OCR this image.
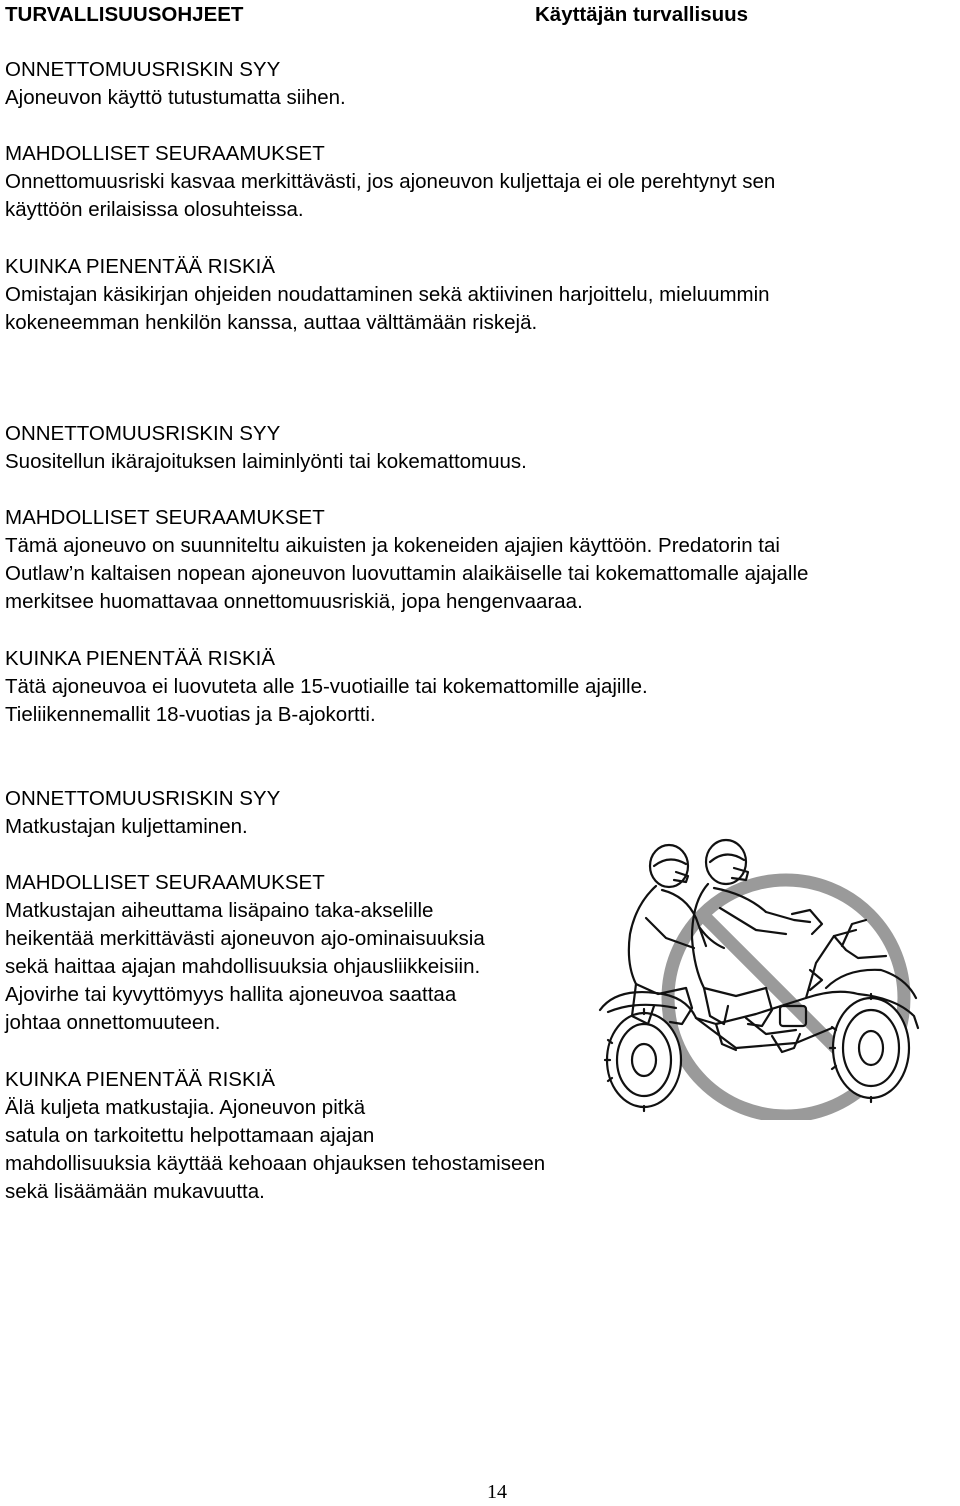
TURVALLISUUSOHJEET	Käyttäjän turvallisuus
ONNETTOMUUSRISKIN SYY
Ajoneuvon käyttö tutustumatta siihen.
MAHDOLLISET SEURAAMUKSET
Onnettomuusriski kasvaa merkittävästi, jos ajoneuvon kuljettaja ei ole perehtynyt sen
käyttöön erilaisissa olosuhteissa.
KUINKA PIENENTÄÄ RISKIÄ
Omistajan käsikirjan ohjeiden noudattaminen sekä aktiivinen harjoittelu, mieluummin
kokeneemman henkilön kanssa, auttaa välttämään riskejä.
ONNETTOMUUSRISKIN SYY
Suositellun ikärajoituksen laiminlyönti tai kokemattomuus.
MAHDOLLISET SEURAAMUKSET
Tämä ajoneuvo on suunniteltu aikuisten ja kokeneiden ajajien käyttöön. Predatorin tai
Outlaw’n kaltaisen nopean ajoneuvon luovuttamin alaikäiselle tai kokemattomalle ajajalle
merkitsee huomattavaa onnettomuusriskiä, jopa hengenvaaraa.
KUINKA PIENENTÄÄ RISKIÄ
Tätä ajoneuvoa ei luovuteta alle 15-vuotiaille tai kokemattomille ajajille.
Tieliikennemallit 18-vuotias ja B-ajokortti.
ONNETTOMUUSRISKIN SYY
Matkustajan kuljettaminen.
MAHDOLLISET SEURAAMUKSET
Matkustajan aiheuttama lisäpaino taka-akselille
heikentää merkittävästi ajoneuvon ajo-ominaisuuksia
sekä haittaa ajajan mahdollisuuksia ohjausliikkeisiin.
Ajovirhe tai kyvyttömyys hallita ajoneuvoa saattaa
johtaa onnettomuuteen.
KUINKA PIENENTÄÄ RISKIÄ
Älä kuljeta matkustajia. Ajoneuvon pitkä
satula on tarkoitettu helpottamaan ajajan
mahdollisuuksia käyttää kehoaan ohjauksen tehostamiseen
sekä lisäämään mukavuutta.
14
